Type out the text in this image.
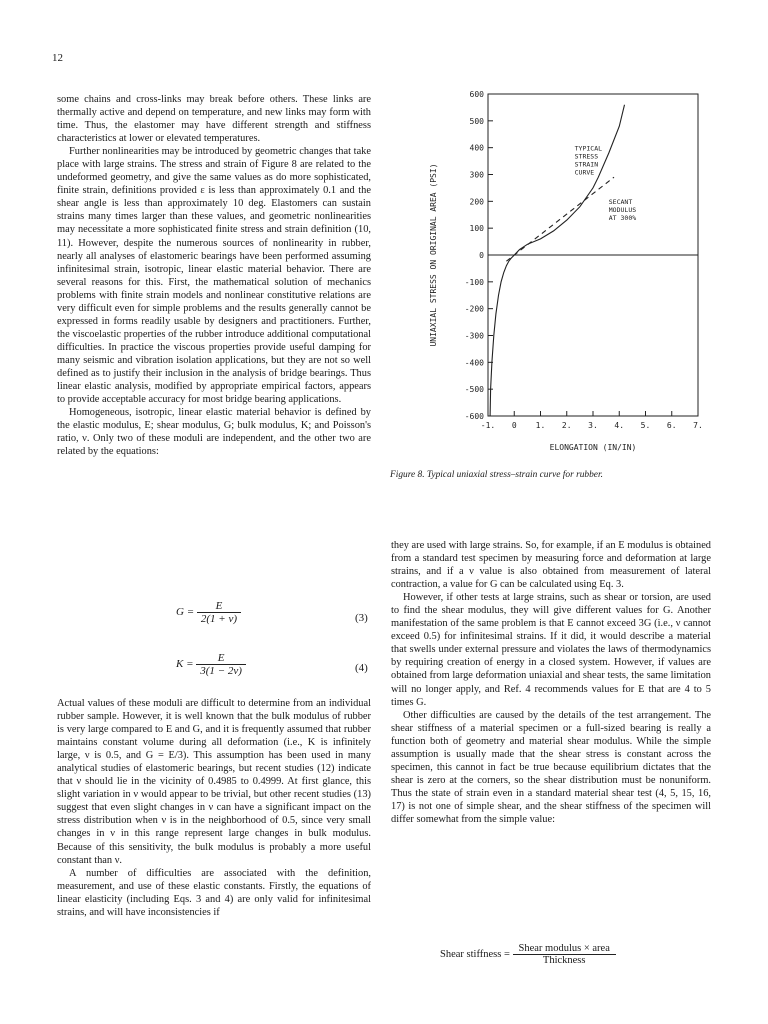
12

some chains and cross-links may break before others. These links are thermally active and depend on temperature, and new links may form with time. Thus, the elastomer may have different strength and stiffness characteristics at lower or elevated temperatures.

Further nonlinearities may be introduced by geometric changes that take place with large strains. The stress and strain of Figure 8 are related to the undeformed geometry, and give the same values as do more sophisticated, finite strain, definitions provided ε is less than approximately 0.1 and the shear angle is less than approximately 10 deg. Elastomers can sustain strains many times larger than these values, and geometric nonlinearities may necessitate a more sophisticated finite stress and strain definition (10, 11). However, despite the numerous sources of nonlinearity in rubber, nearly all analyses of elastomeric bearings have been performed assuming infinitesimal strain, isotropic, linear elastic material behavior. There are several reasons for this. First, the mathematical solution of mechanics problems with finite strain models and nonlinear constitutive relations are very difficult even for simple problems and the results generally cannot be expressed in forms readily usable by designers and practitioners. Further, the viscoelastic properties of the rubber introduce additional computational difficulties. In practice the viscous properties provide useful damping for many seismic and vibration isolation applications, but they are not so well defined as to justify their inclusion in the analysis of bridge bearings. Thus linear elastic analysis, modified by appropriate empirical factors, appears to provide acceptable accuracy for most bridge bearing applications.

Homogeneous, isotropic, linear elastic material behavior is defined by the elastic modulus, E; shear modulus, G; bulk modulus, K; and Poisson's ratio, ν. Only two of these moduli are independent, and the other two are related by the equations:

$G = \frac{E}{2(1 + \nu)}$	(3)
$K = \frac{E}{3(1 - 2\nu)}$	(4)

Actual values of these moduli are difficult to determine from an individual rubber sample. However, it is well known that the bulk modulus of rubber is very large compared to E and G, and it is frequently assumed that rubber maintains constant volume during all deformation (i.e., K is infinitely large, ν is 0.5, and G = E/3). This assumption has been used in many analytical studies of elastomeric bearings, but recent studies (12) indicate that ν should lie in the vicinity of 0.4985 to 0.4999. At first glance, this slight variation in ν would appear to be trivial, but other recent studies (13) suggest that even slight changes in ν can have a significant impact on the stress distribution when ν is in the neighborhood of 0.5, since very small changes in ν in this range represent large changes in bulk modulus. Because of this sensitivity, the bulk modulus is probably a more useful constant than ν.

A number of difficulties are associated with the definition, measurement, and use of these elastic constants. Firstly, the equations of linear elasticity (including Eqs. 3 and 4) are only valid for infinitesimal strains, and will have inconsistencies if

600
500
400
300
200
100
0
-100
-200
-300
-400
-500
-600
-1. 0 1. 2. 3. 4. 5. 6. 7.
ELONGATION (IN/IN)
UNIAXIAL STRESS ON ORIGINAL AREA (PSI)
TYPICAL
STRESS
STRAIN
CURVE
SECANT
MODULUS
AT 300%
Figure 8. Typical uniaxial stress–strain curve for rubber.

they are used with large strains. So, for example, if an E modulus is obtained from a standard test specimen by measuring force and deformation at large strains, and if a ν value is also obtained from measurement of lateral contraction, a value for G can be calculated using Eq. 3.

However, if other tests at large strains, such as shear or torsion, are used to find the shear modulus, they will give different values for G. Another manifestation of the same problem is that E cannot exceed 3G (i.e., ν cannot exceed 0.5) for infinitesimal strains. If it did, it would describe a material that swells under external pressure and violates the laws of thermodynamics by requiring creation of energy in a closed system. However, if values are obtained from large deformation uniaxial and shear tests, the same limitation will no longer apply, and Ref. 4 recommends values for E that are 4 to 5 times G.

Other difficulties are caused by the details of the test arrangement. The shear stiffness of a material specimen or a full-sized bearing is really a function both of geometry and material shear modulus. While the simple assumption is usually made that the shear stress is constant across the specimen, this cannot in fact be true because equilibrium dictates that the shear is zero at the corners, so the shear distribution must be nonuniform. Thus the state of strain even in a standard material shear test (4, 5, 15, 16, 17) is not one of simple shear, and the shear stiffness of the specimen will differ somewhat from the simple value:

Shear stiffness = $\frac{\text{Shear modulus × area}}{\text{Thickness}}$
